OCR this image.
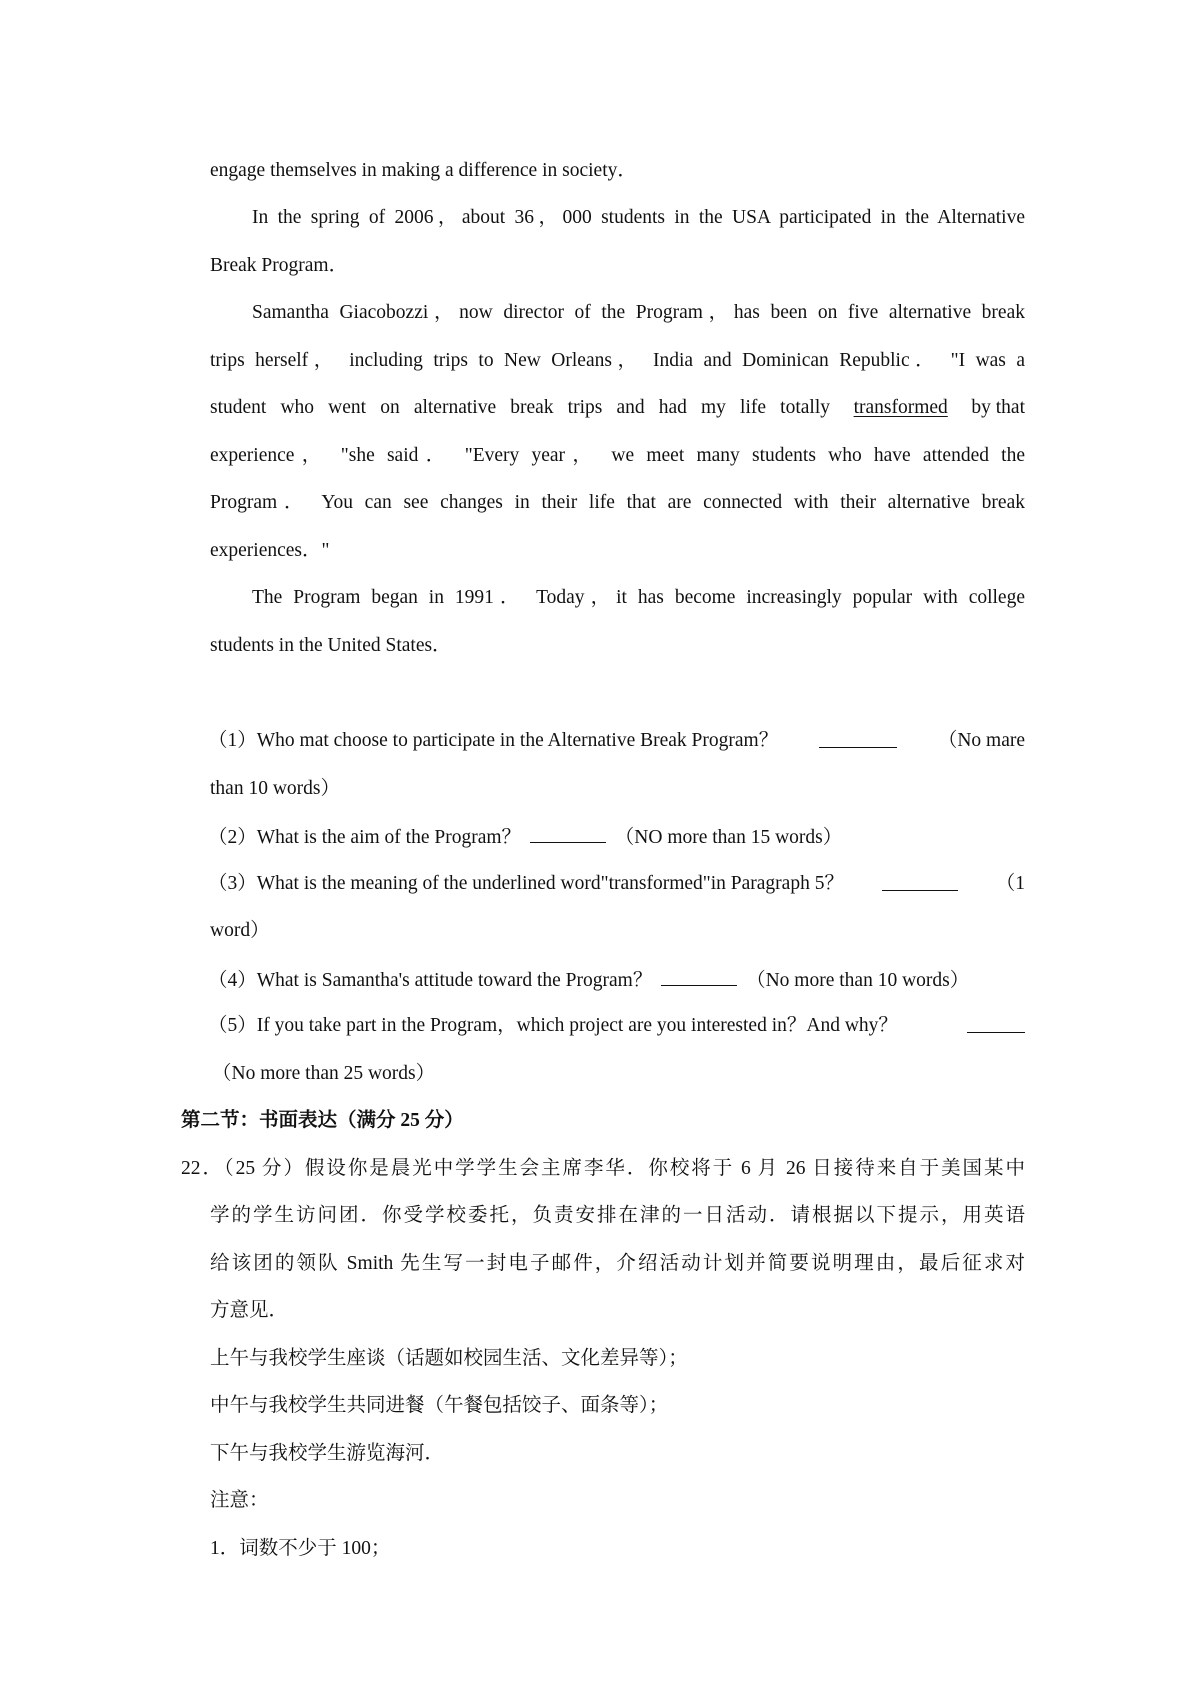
engage themselves in making a difference in society．
In the spring of 2006，about 36，000 students in the USA participated in the Alternative
Break Program．
Samantha Giacobozzi，now director of the Program，has been on five alternative break
trips herself， including trips to New Orleans， India and Dominican Republic． "I was a
student who went on alternative break trips and had my life totally transformed by that
experience， "she said． "Every year， we meet many students who have attended the
Program． You can see changes in their life that are connected with their alternative break
experiences．"
The Program began in 1991． Today，it has become increasingly popular with college
students in the United States．
（1）Who mat choose to participate in the Alternative Break Program？	（No mare
than 10 words）
（2）What is the aim of the Program？	（NO more than 15 words）
（3）What is the meaning of the underlined word"transformed"in Paragraph 5？	（1
word）
（4）What is Samantha's attitude toward the Program？	（No more than 10 words）
（5）If you take part in the Program，which project are you interested in？And why？
（No more than 25 words）
第二节：书面表达（满分 25 分）
22．（25 分）假设你是晨光中学学生会主席李华．你校将于 6 月 26 日接待来自于美国某中
学的学生访问团．你受学校委托，负责安排在津的一日活动．请根据以下提示，用英语
给该团的领队 Smith 先生写一封电子邮件，介绍活动计划并简要说明理由，最后征求对
方意见．
上午与我校学生座谈（话题如校园生活、文化差异等）；
中午与我校学生共同进餐（午餐包括饺子、面条等）；
下午与我校学生游览海河．
注意：
1．词数不少于 100；
